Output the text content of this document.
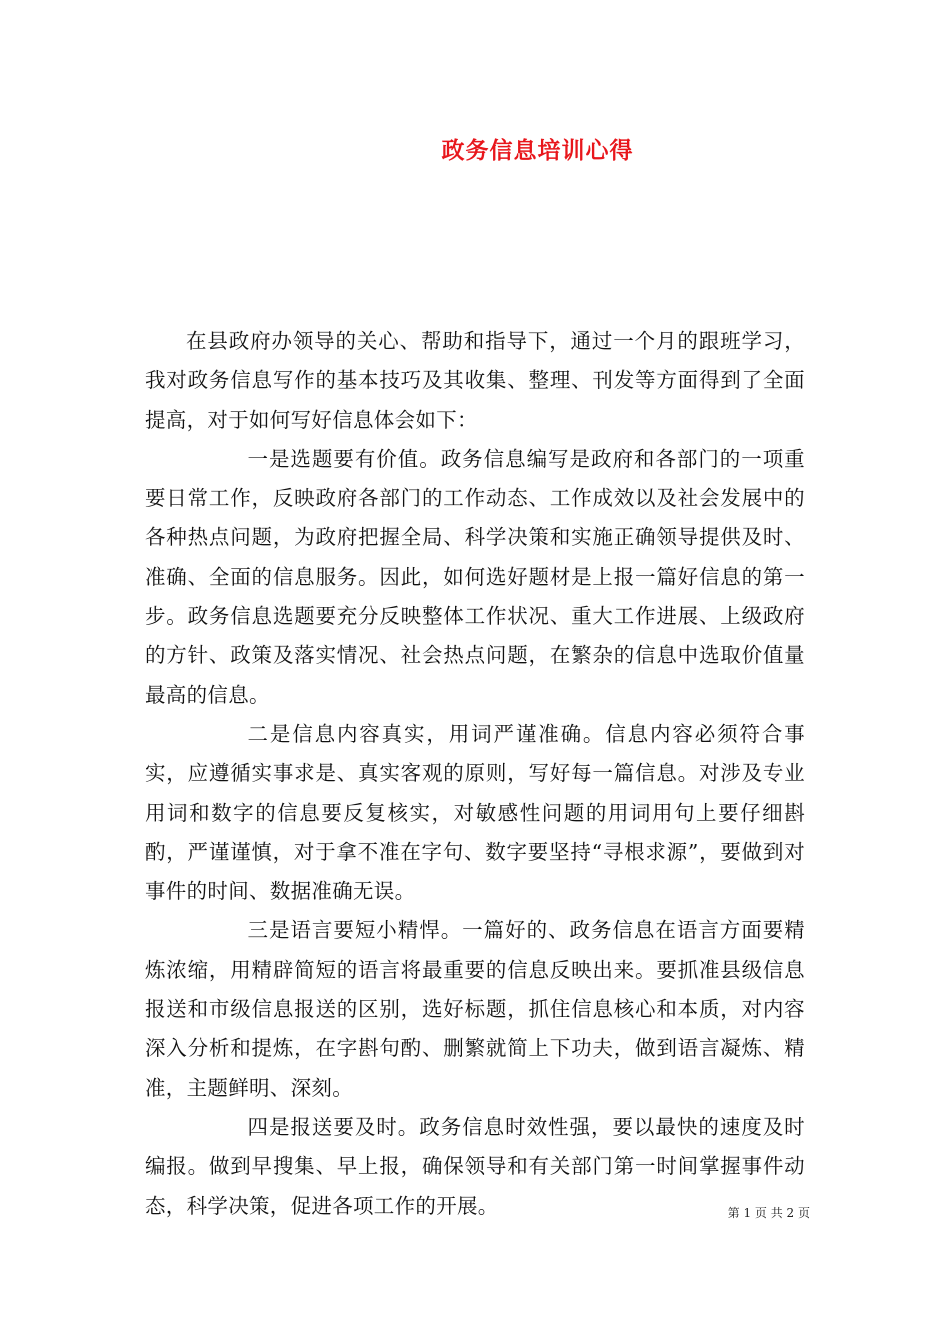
政务信息培训心得

在县政府办领导的关心、帮助和指导下，通过一个月的跟班学习，我对政务信息写作的基本技巧及其收集、整理、刊发等方面得到了全面提高，对于如何写好信息体会如下：

一是选题要有价值。政务信息编写是政府和各部门的一项重要日常工作，反映政府各部门的工作动态、工作成效以及社会发展中的各种热点问题，为政府把握全局、科学决策和实施正确领导提供及时、准确、全面的信息服务。因此，如何选好题材是上报一篇好信息的第一步。政务信息选题要充分反映整体工作状况、重大工作进展、上级政府的方针、政策及落实情况、社会热点问题，在繁杂的信息中选取价值量最高的信息。

二是信息内容真实，用词严谨准确。信息内容必须符合事实，应遵循实事求是、真实客观的原则，写好每一篇信息。对涉及专业用词和数字的信息要反复核实，对敏感性问题的用词用句上要仔细斟酌，严谨谨慎，对于拿不准在字句、数字要坚持“寻根求源”，要做到对事件的时间、数据准确无误。

三是语言要短小精悍。一篇好的、政务信息在语言方面要精炼浓缩，用精辟简短的语言将最重要的信息反映出来。要抓准县级信息报送和市级信息报送的区别，选好标题，抓住信息核心和本质，对内容深入分析和提炼，在字斟句酌、删繁就简上下功夫，做到语言凝炼、精准，主题鲜明、深刻。

四是报送要及时。政务信息时效性强，要以最快的速度及时编报。做到早搜集、早上报，确保领导和有关部门第一时间掌握事件动态，科学决策，促进各项工作的开展。	第 1 页 共 2 页
